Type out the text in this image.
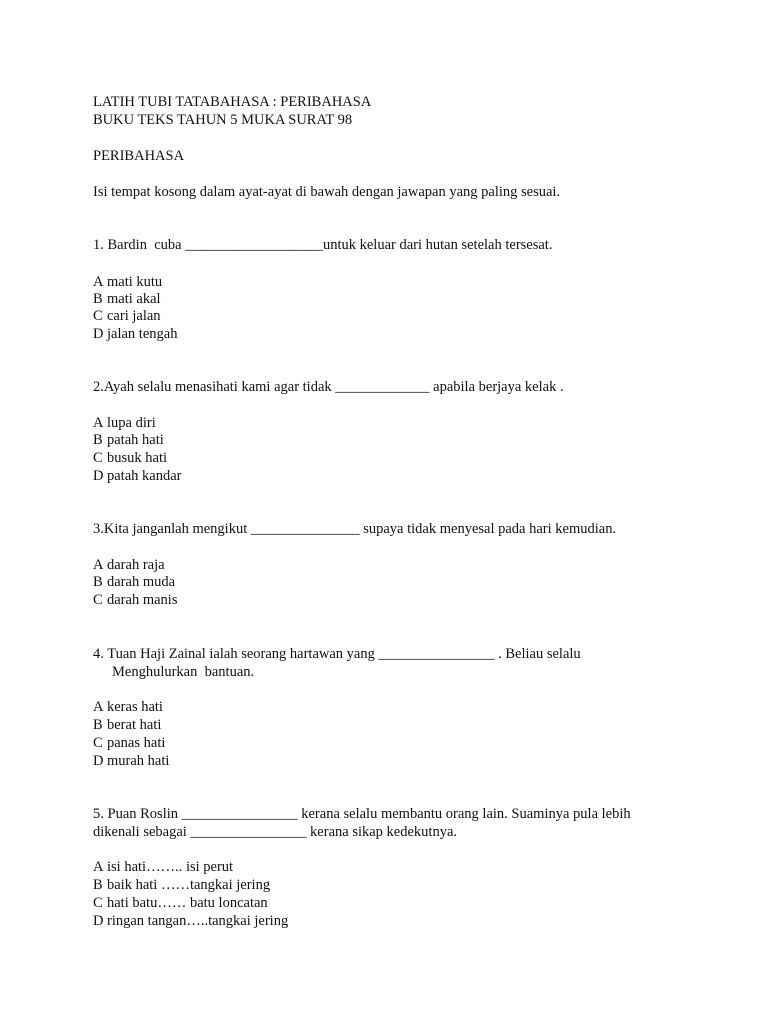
LATIH TUBI TATABAHASA : PERIBAHASA
BUKU TEKS TAHUN 5 MUKA SURAT 98
PERIBAHASA
Isi tempat kosong dalam ayat-ayat di bawah dengan jawapan yang paling sesuai.
1. Bardin  cuba ___________________untuk keluar dari hutan setelah tersesat.
A mati kutu
B mati akal
C cari jalan
D jalan tengah
2.Ayah selalu menasihati kami agar tidak _____________ apabila berjaya kelak .
A lupa diri
B patah hati
C busuk hati
D patah kandar
3.Kita janganlah mengikut _______________ supaya tidak menyesal pada hari kemudian.
A darah raja
B darah muda
C darah manis
4. Tuan Haji Zainal ialah seorang hartawan yang ________________ . Beliau selalu
Menghulurkan  bantuan.
A keras hati
B berat hati
C panas hati
D murah hati
5. Puan Roslin ________________ kerana selalu membantu orang lain. Suaminya pula lebih
dikenali sebagai ________________ kerana sikap kedekutnya.
A isi hati…….. isi perut
B baik hati ……tangkai jering
C hati batu…… batu loncatan
D ringan tangan…..tangkai jering
